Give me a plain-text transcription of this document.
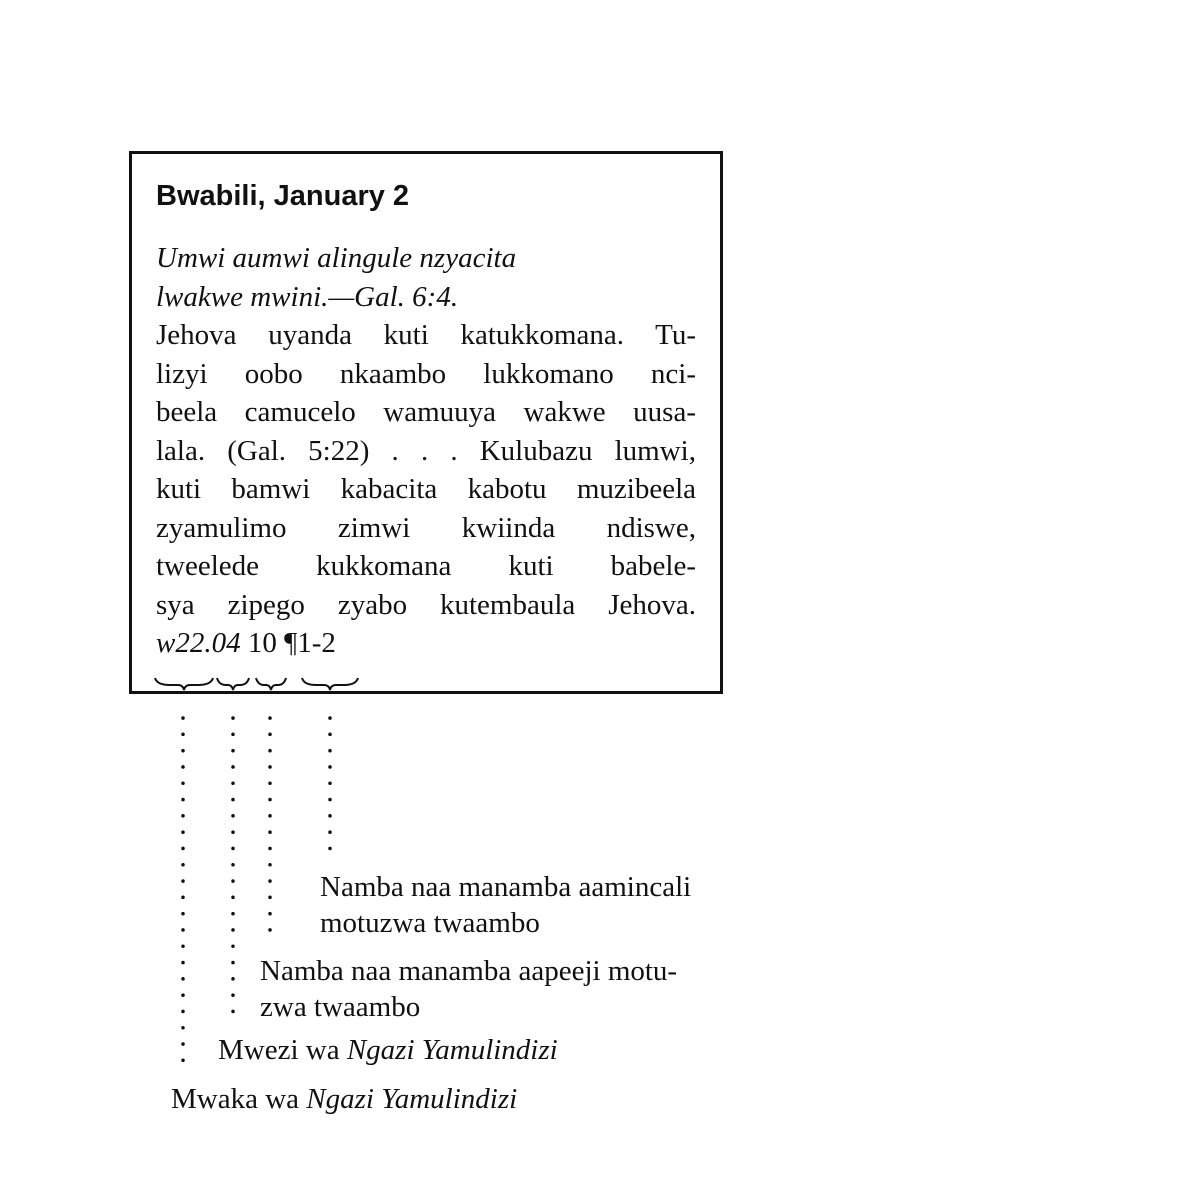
Bwabili, January 2
Umwi aumwi alingule nzyacita
lwakwe mwini.—Gal. 6:4.
Jehova uyanda kuti katukkomana. Tu-
lizyi oobo nkaambo lukkomano nci-
beela camucelo wamuuya wakwe uusa-
lala. (Gal. 5:22) . . . Kulubazu lumwi,
kuti bamwi kabacita kabotu muzibeela
zyamulimo zimwi kwiinda ndiswe,
tweelede kukkomana kuti babele-
sya zipego zyabo kutembaula Jehova.
w22.04 10 ¶1-2
Namba naa manamba aamincali
motuzwa twaambo
Namba naa manamba aapeeji motu-
zwa twaambo
Mwezi wa Ngazi Yamulindizi
Mwaka wa Ngazi Yamulindizi
